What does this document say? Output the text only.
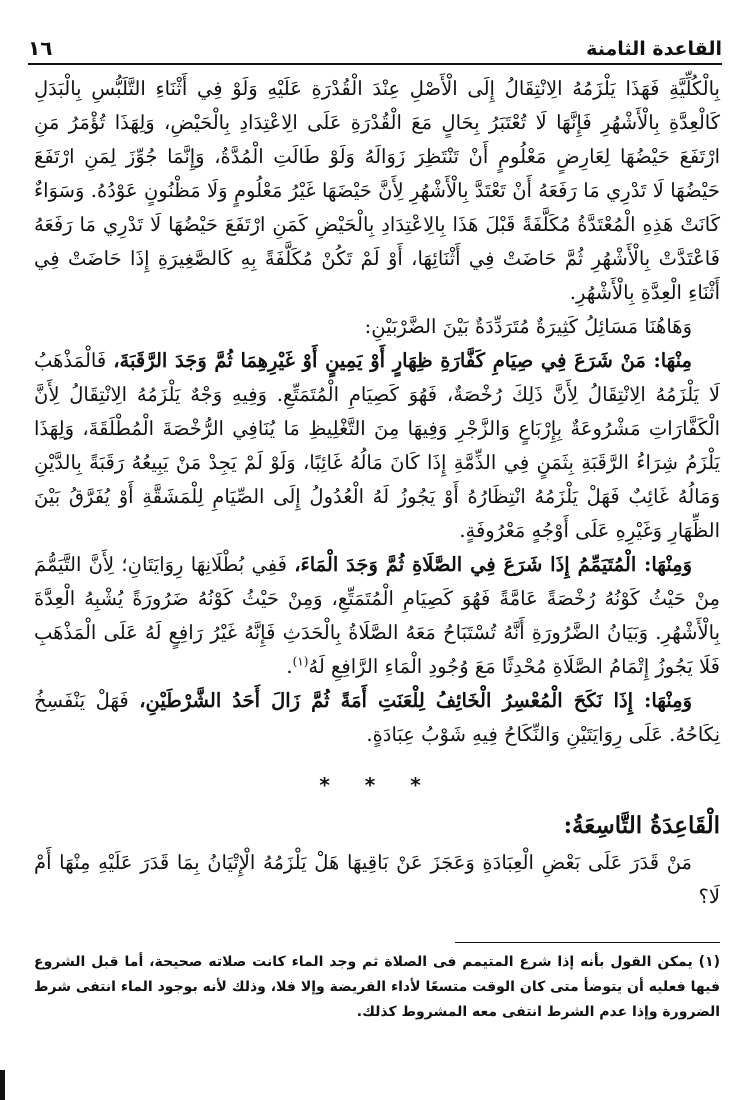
القاعدة الثامنة
١٦

بِالْكُلِّيَّةِ فَهَذَا يَلْزَمُهُ الِانْتِقَالُ إِلَى الْأَصْلِ عِنْدَ الْقُدْرَةِ عَلَيْهِ وَلَوْ فِي أَثْنَاءِ التَّلَبُّسِ بِالْبَدَلِ كَالْعِدَّةِ بِالْأَشْهُرِ فَإِنَّهَا لَا تُعْتَبَرُ بِحَالٍ مَعَ الْقُدْرَةِ عَلَى الِاعْتِدَادِ بِالْحَيْضِ، وَلِهَذَا تُؤْمَرُ مَنِ ارْتَفَعَ حَيْضُهَا لِعَارِضٍ مَعْلُومٍ أَنْ تَنْتَظِرَ زَوَالَهُ وَلَوْ طَالَتِ الْمُدَّةُ، وَإِنَّمَا جُوِّزَ لِمَنِ ارْتَفَعَ حَيْضُهَا لَا تَدْرِي مَا رَفَعَهُ أَنْ تَعْتَدَّ بِالْأَشْهُرِ لِأَنَّ حَيْضَهَا غَيْرُ مَعْلُومٍ وَلَا مَظْنُونٍ عَوْدُهُ. وَسَوَاءٌ كَانَتْ هَذِهِ الْمُعْتَدَّةُ مُكَلَّفَةً قَبْلَ هَذَا بِالِاعْتِدَادِ بِالْحَيْضِ كَمَنِ ارْتَفَعَ حَيْضُهَا لَا تَدْرِي مَا رَفَعَهُ فَاعْتَدَّتْ بِالْأَشْهُرِ ثُمَّ حَاضَتْ فِي أَثْنَائِهَا، أَوْ لَمْ تَكُنْ مُكَلَّفَةً بِهِ كَالصَّغِيرَةِ إِذَا حَاضَتْ فِي أَثْنَاءِ الْعِدَّةِ بِالْأَشْهُرِ.

وَهَاهُنَا مَسَائِلُ كَثِيرَةٌ مُتَرَدِّدَةٌ بَيْنَ الضَّرْبَيْنِ:

مِنْهَا: مَنْ شَرَعَ فِي صِيَامِ كَفَّارَةِ ظِهَارٍ أَوْ يَمِينٍ أَوْ غَيْرِهِمَا ثُمَّ وَجَدَ الرَّقَبَةَ، فَالْمَذْهَبُ لَا يَلْزَمُهُ الِانْتِقَالُ لِأَنَّ ذَلِكَ رُخْصَةٌ، فَهُوَ كَصِيَامِ الْمُتَمَتِّعِ. وَفِيهِ وَجْهٌ يَلْزَمُهُ الِانْتِقَالُ لِأَنَّ الْكَفَّارَاتِ مَشْرُوعَةٌ بِإِرْبَاعٍ وَالزَّجْرِ وَفِيهَا مِنَ التَّغْلِيظِ مَا يُنَافِي الرُّخْصَةَ الْمُطْلَقَةَ، وَلِهَذَا يَلْزَمُ شِرَاءُ الرَّقَبَةِ بِثَمَنٍ فِي الذِّمَّةِ إِذَا كَانَ مَالُهُ غَائِبًا، وَلَوْ لَمْ يَجِدْ مَنْ يَبِيعُهُ رَقَبَةً بِالدَّيْنِ وَمَالُهُ غَائِبٌ فَهَلْ يَلْزَمُهُ انْتِظَارُهُ أَوْ يَجُوزُ لَهُ الْعُدُولُ إِلَى الصِّيَامِ لِلْمَشَقَّةِ أَوْ يُفَرَّقُ بَيْنَ الظِّهَارِ وَغَيْرِهِ عَلَى أَوْجُهٍ مَعْرُوفَةٍ.

وَمِنْهَا: الْمُتَيَمِّمُ إِذَا شَرَعَ فِي الصَّلَاةِ ثُمَّ وَجَدَ الْمَاءَ، فَفِي بُطْلَانِهَا رِوَايَتَانِ؛ لِأَنَّ التَّيَمُّمَ مِنْ حَيْثُ كَوْنُهُ رُخْصَةً عَامَّةً فَهُوَ كَصِيَامِ الْمُتَمَتِّعِ، وَمِنْ حَيْثُ كَوْنُهُ ضَرُورَةً يُشْبِهُ الْعِدَّةَ بِالْأَشْهُرِ. وَبَيَانُ الضَّرُورَةِ أَنَّهُ تُسْتَبَاحُ مَعَهُ الصَّلَاةُ بِالْحَدَثِ فَإِنَّهُ غَيْرُ رَافِعٍ لَهُ عَلَى الْمَذْهَبِ فَلَا يَجُوزُ إِتْمَامُ الصَّلَاةِ مُحْدِثًا مَعَ وُجُودِ الْمَاءِ الرَّافِعِ لَهُ$^{(١)}$.

وَمِنْهَا: إِذَا نَكَحَ الْمُعْسِرُ الْخَائِفُ لِلْعَنَتِ أَمَةً ثُمَّ زَالَ أَحَدُ الشَّرْطَيْنِ، فَهَلْ يَنْفَسِخُ نِكَاحُهُ. عَلَى رِوَايَتَيْنِ وَالنِّكَاحُ فِيهِ شَوْبُ عِبَادَةٍ.

* * *

الْقَاعِدَةُ التَّاسِعَةُ:

مَنْ قَدَرَ عَلَى بَعْضِ الْعِبَادَةِ وَعَجَزَ عَنْ بَاقِيهَا هَلْ يَلْزَمُهُ الْإِتْيَانُ بِمَا قَدَرَ عَلَيْهِ مِنْهَا أَمْ لَا؟

(١) يمكن القول بأنه إذا شرع المتيمم فى الصلاة ثم وجد الماء كانت صلاته صحيحة، أما قبل الشروع فيها فعليه أن يتوضأ متى كان الوقت متسعًا لأداء الفريضة وإلا فلا، وذلك لأنه بوجود الماء انتفى شرط الضرورة وإذا عدم الشرط انتفى معه المشروط كذلك.
